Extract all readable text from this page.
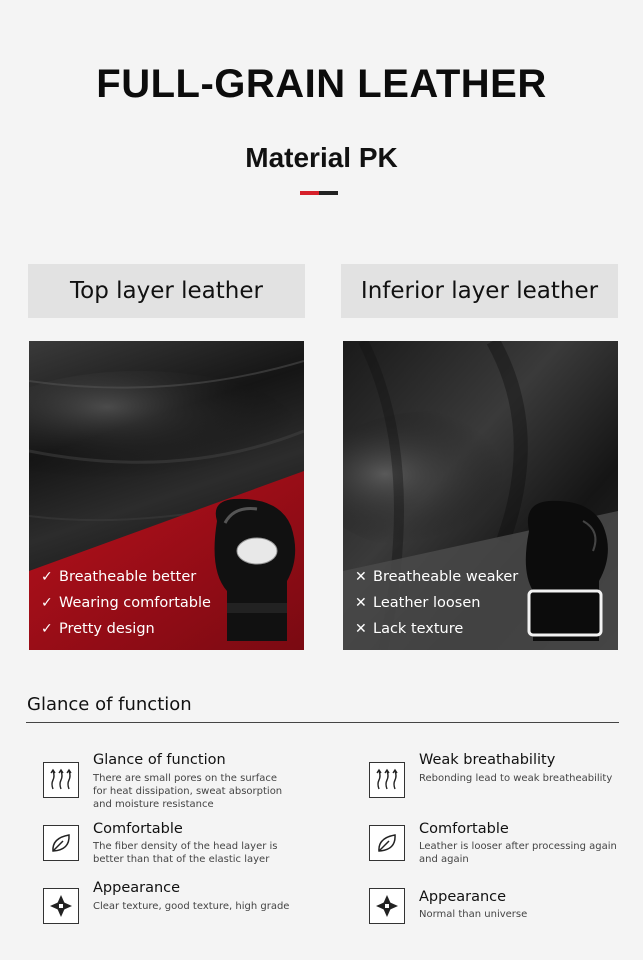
FULL-GRAIN LEATHER
Material PK
Top layer leather	Inferior layer leather
✓ Breatheable better
✓ Wearing comfortable
✓ Pretty design
✕ Breatheable weaker
✕ Leather loosen
✕ Lack texture
Glance of function
Glance of function
There are small pores on the surface for heat dissipation, sweat absorption and moisture resistance
Comfortable
The fiber density of the head layer is better than that of the elastic layer
Appearance
Clear texture, good texture, high grade
Weak breathability
Rebonding lead to weak breatheability
Comfortable
Leather is looser after processing again and again
Appearance
Normal than universe
